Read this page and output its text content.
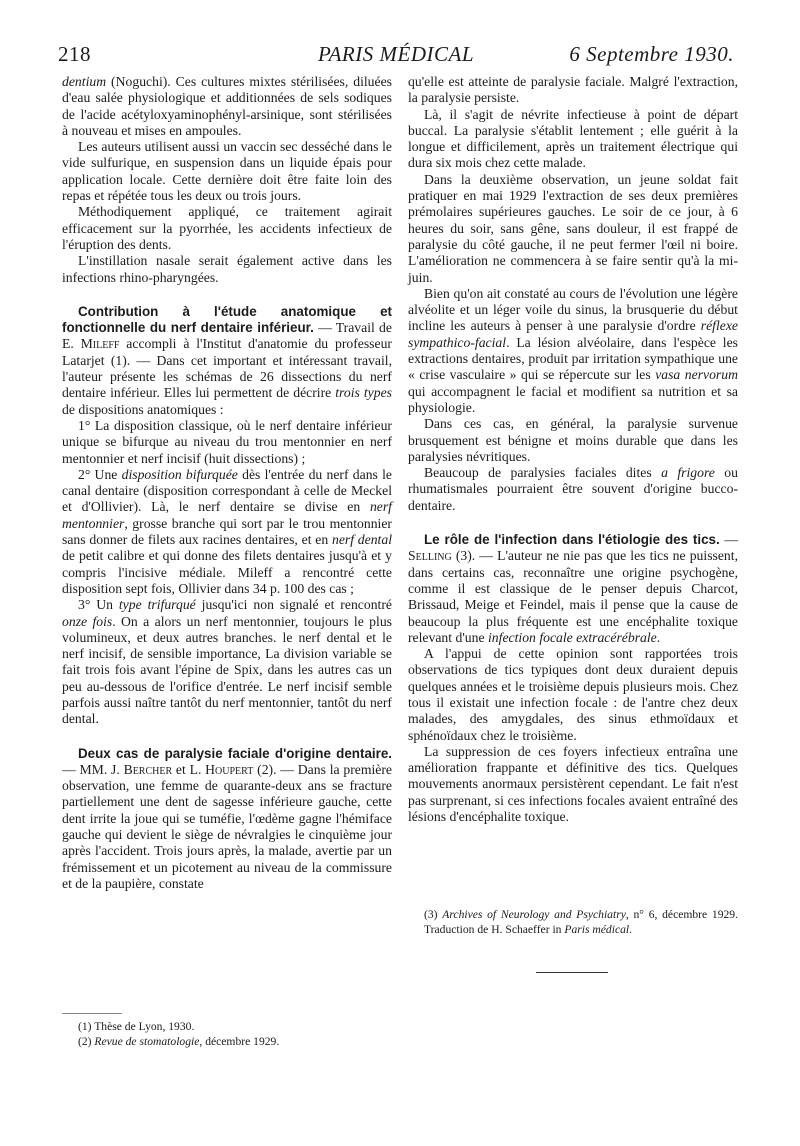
218	PARIS MÉDICAL	6 Septembre 1930.

dentium (Noguchi). Ces cultures mixtes stérilisées, diluées d'eau salée physiologique et additionnées de sels sodiques de l'acide acétyloxyaminophényl-arsinique, sont stérilisées à nouveau et mises en ampoules.

Les auteurs utilisent aussi un vaccin sec desséché dans le vide sulfurique, en suspension dans un liquide épais pour application locale. Cette dernière doit être faite loin des repas et répétée tous les deux ou trois jours.

Méthodiquement appliqué, ce traitement agirait efficacement sur la pyorrhée, les accidents infectieux de l'éruption des dents.

L'instillation nasale serait également active dans les infections rhino-pharyngées.

Contribution à l'étude anatomique et fonctionnelle du nerf dentaire inférieur. — Travail de E. Mileff accompli à l'Institut d'anatomie du professeur Latarjet (1). — Dans cet important et intéressant travail, l'auteur présente les schémas de 26 dissections du nerf dentaire inférieur. Elles lui permettent de décrire trois types de dispositions anatomiques :

1° La disposition classique, où le nerf dentaire inférieur unique se bifurque au niveau du trou mentonnier en nerf mentonnier et nerf incisif (huit dissections) ;

2° Une disposition bifurquée dès l'entrée du nerf dans le canal dentaire (disposition correspondant à celle de Meckel et d'Ollivier). Là, le nerf dentaire se divise en nerf mentonnier, grosse branche qui sort par le trou mentonnier sans donner de filets aux racines dentaires, et en nerf dental de petit calibre et qui donne des filets dentaires jusqu'à et y compris l'incisive médiale. Mileff a rencontré cette disposition sept fois, Ollivier dans 34 p. 100 des cas ;

3° Un type trifurqué jusqu'ici non signalé et rencontré onze fois. On a alors un nerf mentonnier, toujours le plus volumineux, et deux autres branches. le nerf dental et le nerf incisif, de sensible importance, La division variable se fait trois fois avant l'épine de Spix, dans les autres cas un peu au-dessous de l'orifice d'entrée. Le nerf incisif semble parfois aussi naître tantôt du nerf mentonnier, tantôt du nerf dental.

Deux cas de paralysie faciale d'origine dentaire. — MM. J. Bercher et L. Houpert (2). — Dans la première observation, une femme de quarante-deux ans se fracture partiellement une dent de sagesse inférieure gauche, cette dent irrite la joue qui se tuméfie, l'œdème gagne l'hémiface gauche qui devient le siège de névralgies le cinquième jour après l'accident. Trois jours après, la malade, avertie par un frémissement et un picotement au niveau de la commissure et de la paupière, constate

qu'elle est atteinte de paralysie faciale. Malgré l'extraction, la paralysie persiste.

Là, il s'agit de névrite infectieuse à point de départ buccal. La paralysie s'établit lentement ; elle guérit à la longue et difficilement, après un traitement électrique qui dura six mois chez cette malade.

Dans la deuxième observation, un jeune soldat fait pratiquer en mai 1929 l'extraction de ses deux premières prémolaires supérieures gauches. Le soir de ce jour, à 6 heures du soir, sans gêne, sans douleur, il est frappé de paralysie du côté gauche, il ne peut fermer l'œil ni boire. L'amélioration ne commencera à se faire sentir qu'à la mi-juin.

Bien qu'on ait constaté au cours de l'évolution une légère alvéolite et un léger voile du sinus, la brusquerie du début incline les auteurs à penser à une paralysie d'ordre réflexe sympathico-facial. La lésion alvéolaire, dans l'espèce les extractions dentaires, produit par irritation sympathique une « crise vasculaire » qui se répercute sur les vasa nervorum qui accompagnent le facial et modifient sa nutrition et sa physiologie.

Dans ces cas, en général, la paralysie survenue brusquement est bénigne et moins durable que dans les paralysies névritiques.

Beaucoup de paralysies faciales dites a frigore ou rhumatismales pourraient être souvent d'origine bucco-dentaire.

Le rôle de l'infection dans l'étiologie des tics. — Selling (3). — L'auteur ne nie pas que les tics ne puissent, dans certains cas, reconnaître une origine psychogène, comme il est classique de le penser depuis Charcot, Brissaud, Meige et Feindel, mais il pense que la cause de beaucoup la plus fréquente est une encéphalite toxique relevant d'une infection focale extracérébrale.

A l'appui de cette opinion sont rapportées trois observations de tics typiques dont deux duraient depuis quelques années et le troisième depuis plusieurs mois. Chez tous il existait une infection focale : de l'antre chez deux malades, des amygdales, des sinus ethmoïdaux et sphénoïdaux chez le troisième.

La suppression de ces foyers infectieux entraîna une amélioration frappante et définitive des tics. Quelques mouvements anormaux persistèrent cependant. Le fait n'est pas surprenant, si ces infections focales avaient entraîné des lésions d'encéphalite toxique.

(3) Archives of Neurology and Psychiatry, n° 6, décembre 1929. Traduction de H. Schaeffer in Paris médical.
(1) Thèse de Lyon, 1930.
(2) Revue de stomatologie, décembre 1929.
